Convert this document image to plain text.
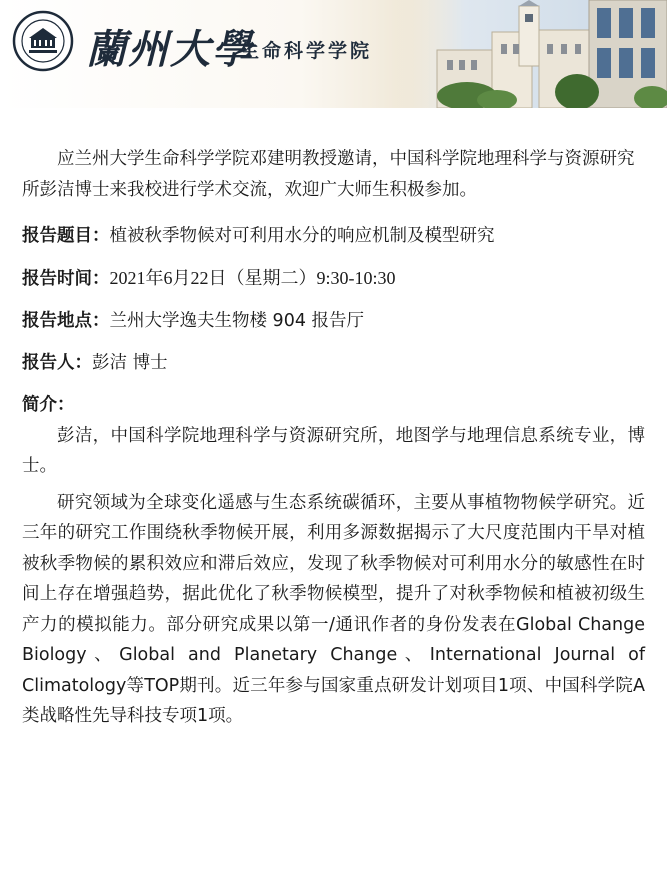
蘭州大學
生命科学学院

应兰州大学生命科学学院邓建明教授邀请，中国科学院地理科学与资源研究所彭洁博士来我校进行学术交流，欢迎广大师生积极参加。

报告题目：植被秋季物候对可利用水分的响应机制及模型研究
报告时间：2021年6月22日（星期二）9:30-10:30
报告地点：兰州大学逸夫生物楼 904 报告厅
报告人：彭洁 博士

简介：

彭洁，中国科学院地理科学与资源研究所，地图学与地理信息系统专业，博士。

研究领域为全球变化遥感与生态系统碳循环，主要从事植物物候学研究。近三年的研究工作围绕秋季物候开展，利用多源数据揭示了大尺度范围内干旱对植被秋季物候的累积效应和滞后效应，发现了秋季物候对可利用水分的敏感性在时间上存在增强趋势，据此优化了秋季物候模型，提升了对秋季物候和植被初级生产力的模拟能力。部分研究成果以第一/通讯作者的身份发表在Global Change Biology、Global and Planetary Change、International Journal of Climatology等TOP期刊。近三年参与国家重点研发计划项目1项、中国科学院A类战略性先导科技专项1项。
